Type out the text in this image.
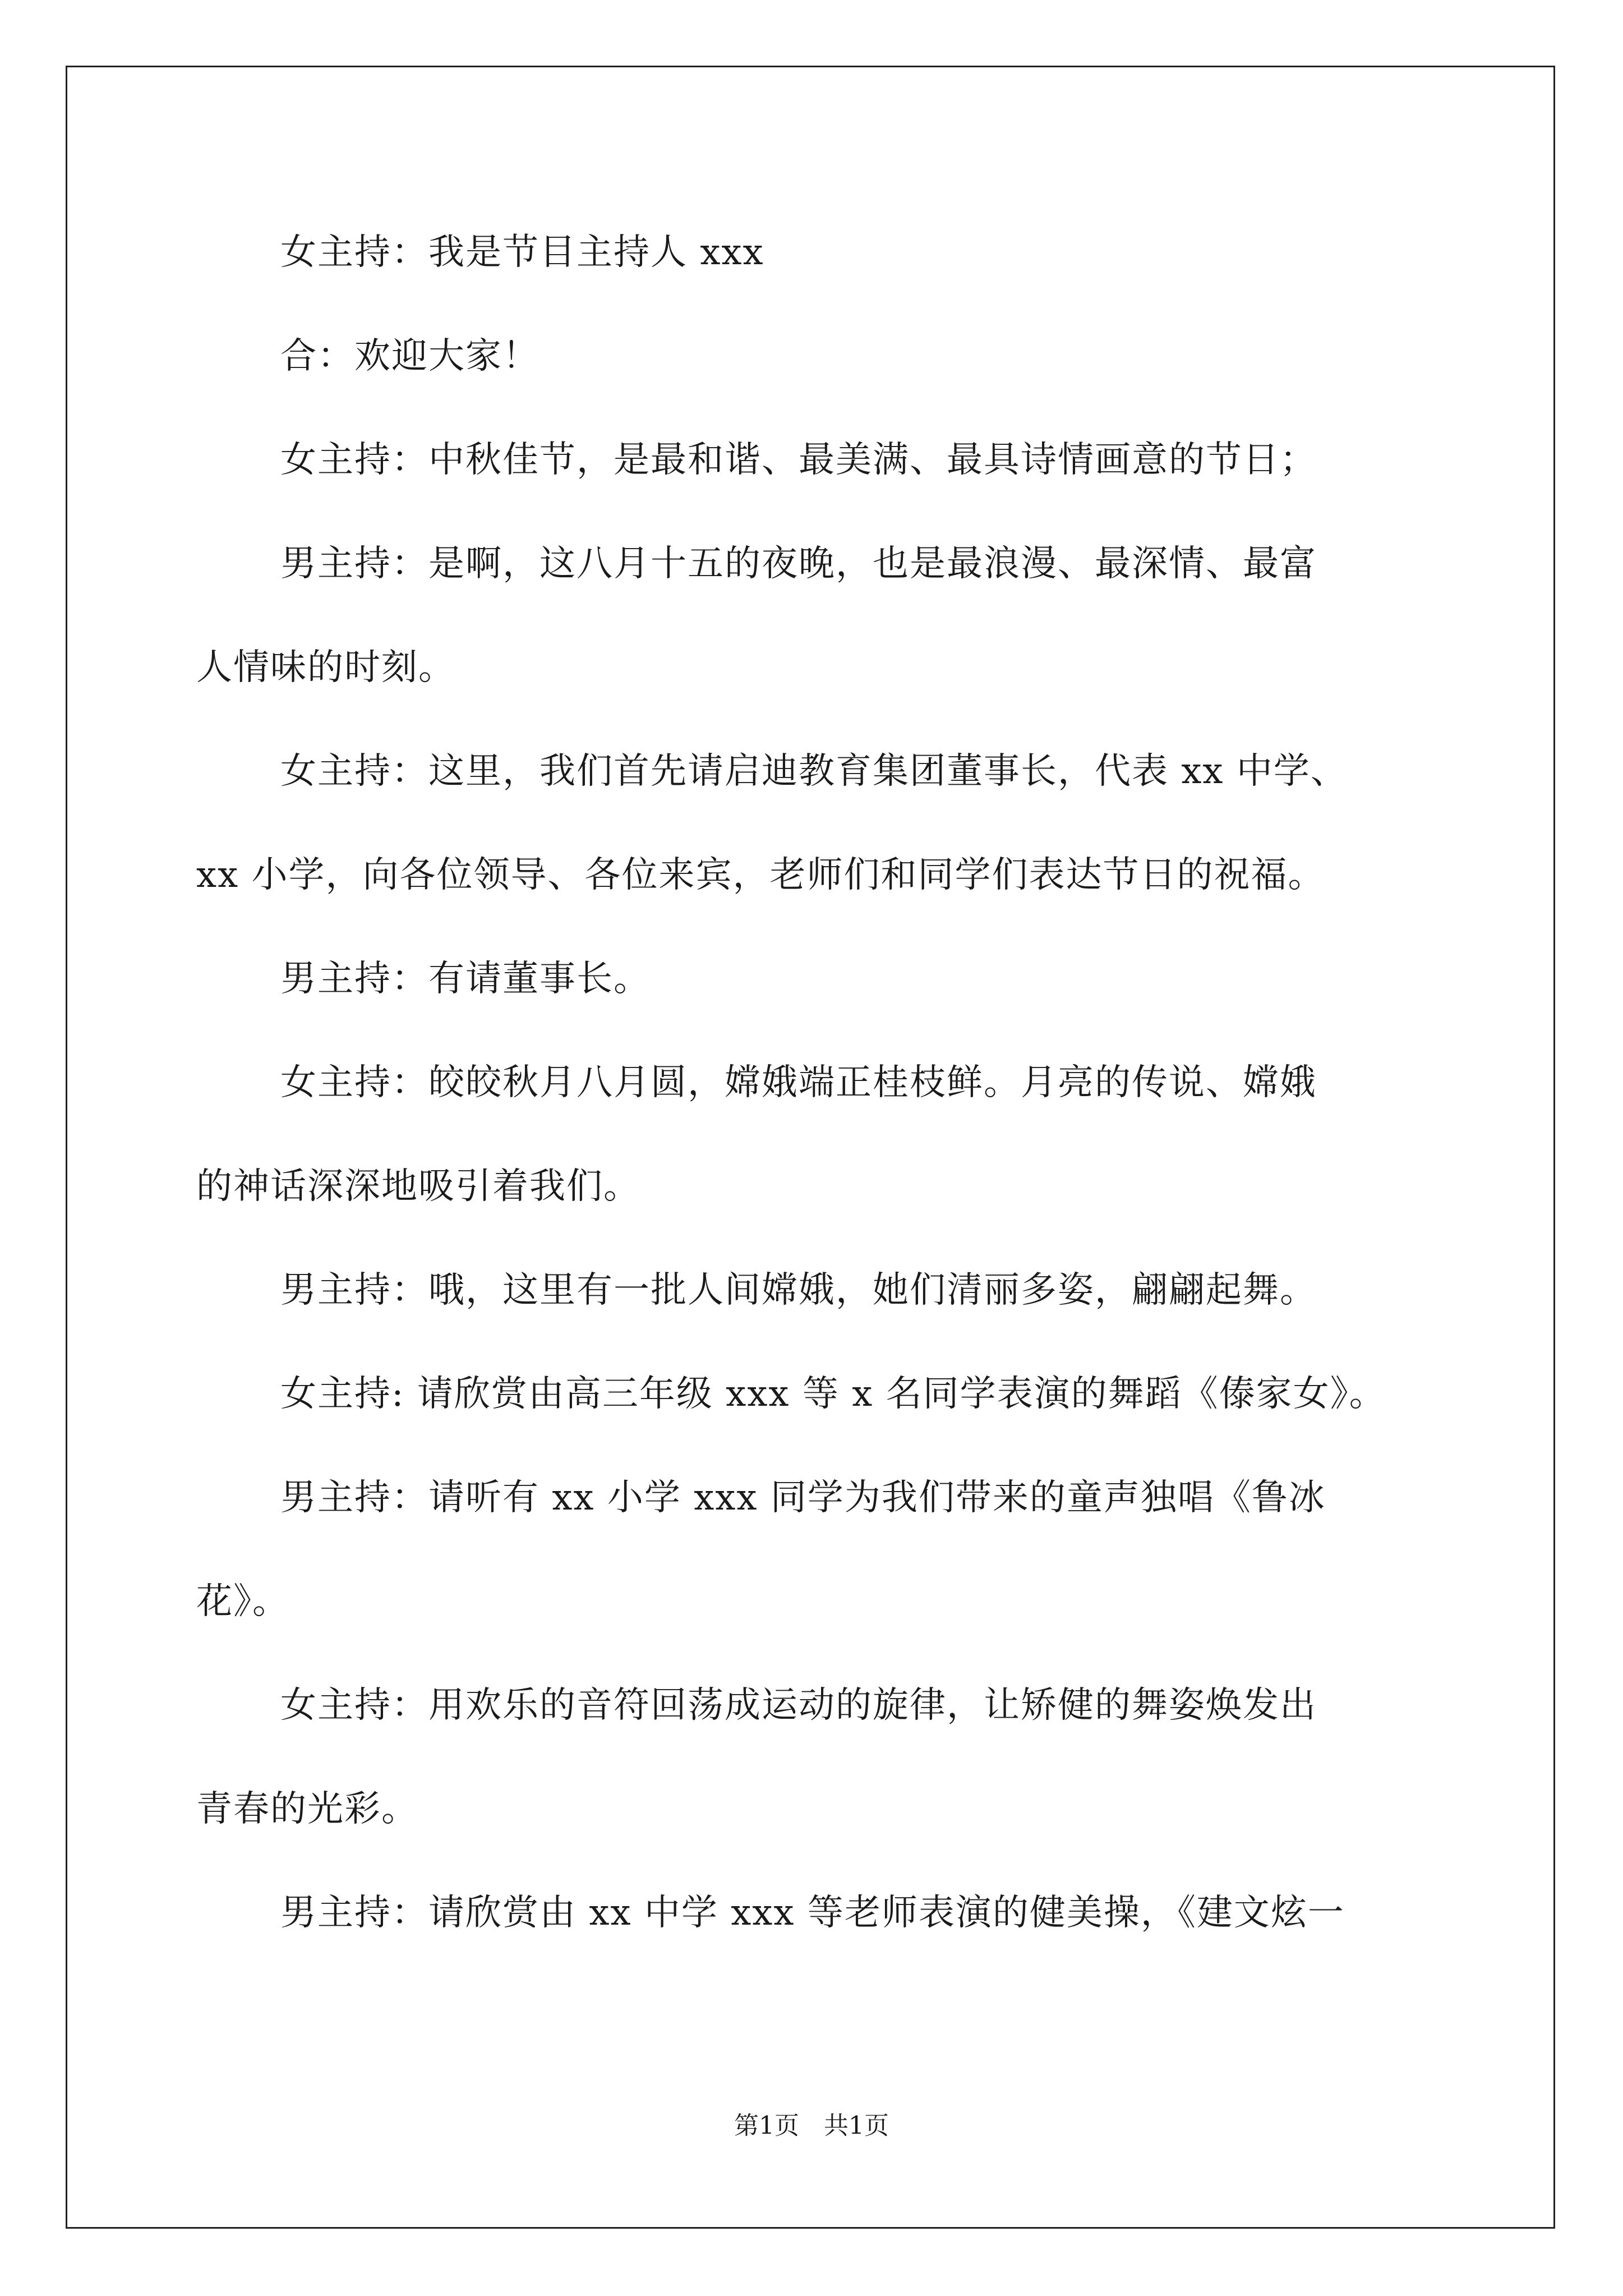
女主持：我是节目主持人 xxx
合：欢迎大家！
女主持：中秋佳节，是最和谐、最美满、最具诗情画意的节日；
男主持：是啊，这八月十五的夜晚，也是最浪漫、最深情、最富
人情味的时刻。
女主持：这里，我们首先请启迪教育集团董事长，代表 xx 中学、
xx 小学，向各位领导、各位来宾，老师们和同学们表达节日的祝福。
男主持：有请董事长。
女主持：皎皎秋月八月圆，嫦娥端正桂枝鲜。月亮的传说、嫦娥
的神话深深地吸引着我们。
男主持：哦，这里有一批人间嫦娥，她们清丽多姿，翩翩起舞。
女主持: 请欣赏由高三年级 xxx 等 x 名同学表演的舞蹈《傣家女》。
男主持：请听有 xx 小学 xxx 同学为我们带来的童声独唱《鲁冰
花》。
女主持：用欢乐的音符回荡成运动的旋律，让矫健的舞姿焕发出
青春的光彩。
男主持：请欣赏由 xx 中学 xxx 等老师表演的健美操，《建文炫一
第1页　共1页
